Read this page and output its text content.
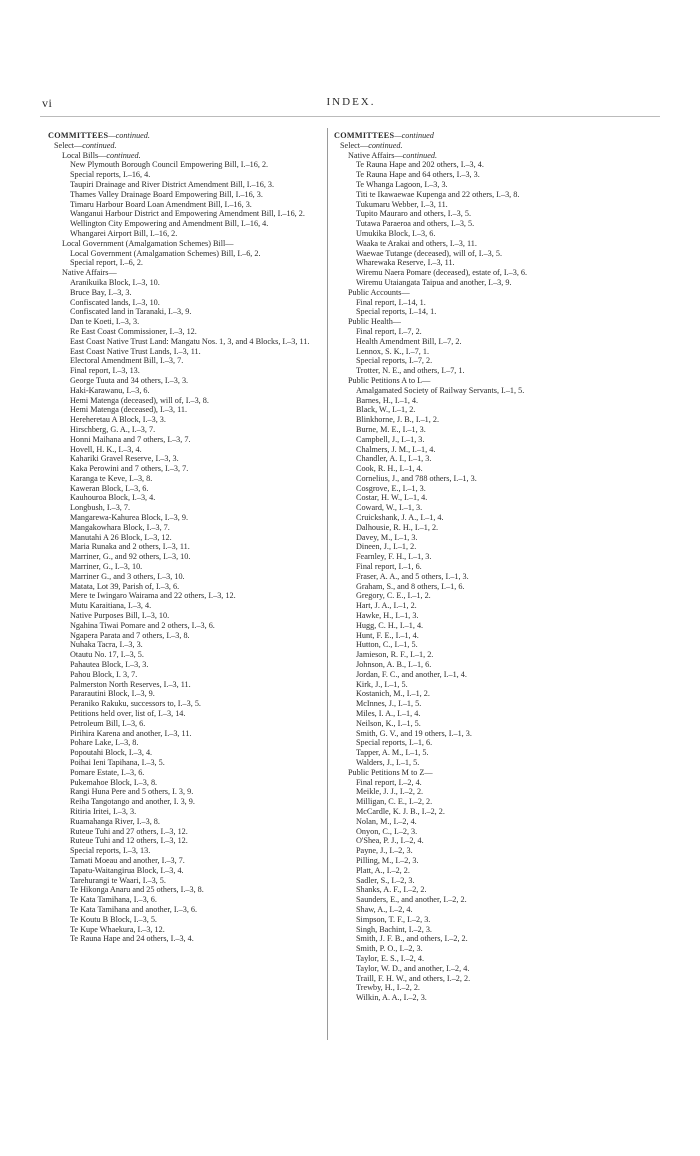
vi	INDEX.
COMMITTEES—continued.
Select—continued.
Local Bills—continued.
New Plymouth Borough Council Empowering Bill, I.–16, 2.
Special reports, I.–16, 4.
Taupiri Drainage and River District Amendment Bill, I.–16, 3.
Thames Valley Drainage Board Empowering Bill, I.–16, 3.
Timaru Harbour Board Loan Amendment Bill, I.–16, 3.
Wanganui Harbour District and Empowering Amendment Bill, I.–16, 2.
Wellington City Empowering and Amendment Bill, I.–16, 4.
Whangarei Airport Bill, I.–16, 2.
Local Government (Amalgamation Schemes) Bill—
Local Government (Amalgamation Schemes) Bill, I.–6, 2.
Special report, I.–6, 2.
Native Affairs—
Aranikuika Block, I.–3, 10.
Bruce Bay, I.–3, 3.
Confiscated lands, I.–3, 10.
Confiscated land in Taranaki, I.–3, 9.
Dan te Koeti, I.–3, 3.
Re East Coast Commissioner, I.–3, 12.
East Coast Native Trust Land: Mangatu Nos. 1, 3, and 4 Blocks, I.–3, 11.
East Coast Native Trust Lands, I.–3, 11.
Electoral Amendment Bill, I.–3, 7.
Final report, I.–3, 13.
George Tuuta and 34 others, I.–3, 3.
Haki-Karawanu, I.–3, 6.
Hemi Matenga (deceased), will of, I.–3, 8.
Hemi Matenga (deceased), I.–3, 11.
Hereheretau A Block, I.–3, 3.
Hirschberg, G. A., I.–3, 7.
Honni Maihana and 7 others, I.–3, 7.
Hovell, H. K., I.–3, 4.
Kahariki Gravel Reserve, I.–3, 3.
Kaka Perowini and 7 others, I.–3, 7.
Karanga te Keve, I.–3, 8.
Kaweran Block, I.–3, 6.
Kauhouroa Block, I.–3, 4.
Longbush, I.–3, 7.
Mangarewa-Kahurea Block, I.–3, 9.
Mangakowhara Block, I.–3, 7.
Manutahi A 26 Block, I.–3, 12.
Maria Runaka and 2 others, I.–3, 11.
Marriner, G., and 92 others, I.–3, 10.
Marriner, G., I.–3, 10.
Marriner G., and 3 others, I.–3, 10.
Matata, Lot 39, Parish of, I.–3, 6.
Mere te Iwingaro Wairama and 22 others, I.–3, 12.
Mutu Karaitiana, I.–3, 4.
Native Purposes Bill, I.–3, 10.
Ngahina Tiwai Pomare and 2 others, I.–3, 6.
Ngapera Parata and 7 others, I.–3, 8.
Nuhaka Tacra, I.–3, 3.
Otautu No. 17, I.–3, 5.
Pahautea Block, I.–3, 3.
Pahou Block, I. 3, 7.
Palmerston North Reserves, I.–3, 11.
Pararautini Block, I.–3, 9.
Peraniko Rakuku, successors to, I.–3, 5.
Petitions held over, list of, I.–3, 14.
Petroleum Bill, I.–3, 6.
Pirihira Karena and another, I.–3, 11.
Pohare Lake, I.–3, 8.
Popoutahi Block, I.–3, 4.
Poihai Ieni Tapihana, I.–3, 5.
Pomare Estate, I.–3, 6.
Pukemahoe Block, I.–3, 8.
Rangi Huna Pere and 5 others, I. 3, 9.
Reiha Tangotango and another, I. 3, 9.
Ritiria Iritei, I.–3, 3.
Ruamahanga River, I.–3, 8.
Ruteue Tuhi and 27 others, I.–3, 12.
Ruteue Tuhi and 12 others, I.–3, 12.
Special reports, I.–3, 13.
Tamati Moeau and another, I.–3, 7.
Tapatu-Waitangirua Block, I.–3, 4.
Tarehurangi te Waari, I.–3, 5.
Te Hikonga Anaru and 25 others, I.–3, 8.
Te Kata Tamihana, I.–3, 6.
Te Kata Tamihana and another, I.–3, 6.
Te Koutu B Block, I.–3, 5.
Te Kupe Whaekura, I.–3, 12.
Te Rauna Hape and 24 others, I.–3, 4.
COMMITTEES—continued
Select—continued.
Native Affairs—continued.
Te Rauna Hape and 202 others, I.–3, 4.
Te Rauna Hape and 64 others, I.–3, 3.
Te Whanga Lagoon, I.–3, 3.
Titi te Ikawaewae Kupenga and 22 others, I.–3, 8.
Tukumaru Webber, I.–3, 11.
Tupito Mauraro and others, I.–3, 5.
Tutawa Paraeroa and others, I.–3, 5.
Umukika Block, I.–3, 6.
Waaka te Arakai and others, I.–3, 11.
Waewae Tutange (deceased), will of, I.–3, 5.
Wharewaka Reserve, I.–3, 11.
Wiremu Naera Pomare (deceased), estate of, I.–3, 6.
Wiremu Utaiangata Taipua and another, I.–3, 9.
Public Accounts—
Final report, I.–14, 1.
Special reports, I.–14, 1.
Public Health—
Final report, I.–7, 2.
Health Amendment Bill, I.–7, 2.
Lennox, S. K., I.–7, 1.
Special reports, I.–7, 2.
Trotter, N. E., and others, I.–7, 1.
Public Petitions A to L—
Amalgamated Society of Railway Servants, I.–1, 5.
Barnes, H., I.–1, 4.
Black, W., I.–1, 2.
Blinkhorne, J. B., I.–1, 2.
Burne, M. E., I.–1, 3.
Campbell, J., I.–1, 3.
Chalmers, J. M., I.–1, 4.
Chandler, A. I., I.–1, 3.
Cook, R. H., I.–1, 4.
Cornelius, J., and 788 others, I.–1, 3.
Cosgrove, E., I.–1, 3.
Costar, H. W., I.–1, 4.
Coward, W., I.–1, 3.
Cruickshank, J. A., I.–1, 4.
Dalhousie, R. H., I.–1, 2.
Davey, M., I.–1, 3.
Dineen, J., I.–1, 2.
Fearnley, F. H., I.–1, 3.
Final report, I.–1, 6.
Fraser, A. A., and 5 others, I.–1, 3.
Graham, S., and 8 others, I.–1, 6.
Gregory, C. E., I.–1, 2.
Hart, J. A., I.–1, 2.
Hawke, H., I.–1, 3.
Hugg, C. H., I.–1, 4.
Hunt, F. E., I.–1, 4.
Hutton, C., I.–1, 5.
Jamieson, R. F., I.–1, 2.
Johnson, A. B., I.–1, 6.
Jordan, F. C., and another, I.–1, 4.
Kirk, J., I.–1, 5.
Kostanich, M., I.–1, 2.
McInnes, J., I.–1, 5.
Miles, I. A., I.–1, 4.
Neilson, K., I.–1, 5.
Smith, G. V., and 19 others, I.–1, 3.
Special reports, I.–1, 6.
Tapper, A. M., I.–1, 5.
Walders, J., I.–1, 5.
Public Petitions M to Z—
Final report, I.–2, 4.
Meikle, J. J., I.–2, 2.
Milligan, C. E., I.–2, 2.
McCardle, K. J. B., I.–2, 2.
Nolan, M., I.–2, 4.
Onyon, C., I.–2, 3.
O'Shea, P. J., I.–2, 4.
Payne, J., I.–2, 3.
Pilling, M., I.–2, 3.
Platt, A., I.–2, 2.
Sadler, S., I.–2, 3.
Shanks, A. F., I.–2, 2.
Saunders, E., and another, I.–2, 2.
Shaw, A., I.–2, 4.
Simpson, T. F., I.–2, 3.
Singh, Bachint, I.–2, 3.
Smith, J. F. B., and others, I.–2, 2.
Smith, P. O., I.–2, 3.
Taylor, E. S., I.–2, 4.
Taylor, W. D., and another, I.–2, 4.
Traill, F. H. W., and others, I.–2, 2.
Trewby, H., I.–2, 2.
Wilkin, A. A., I.–2, 3.
